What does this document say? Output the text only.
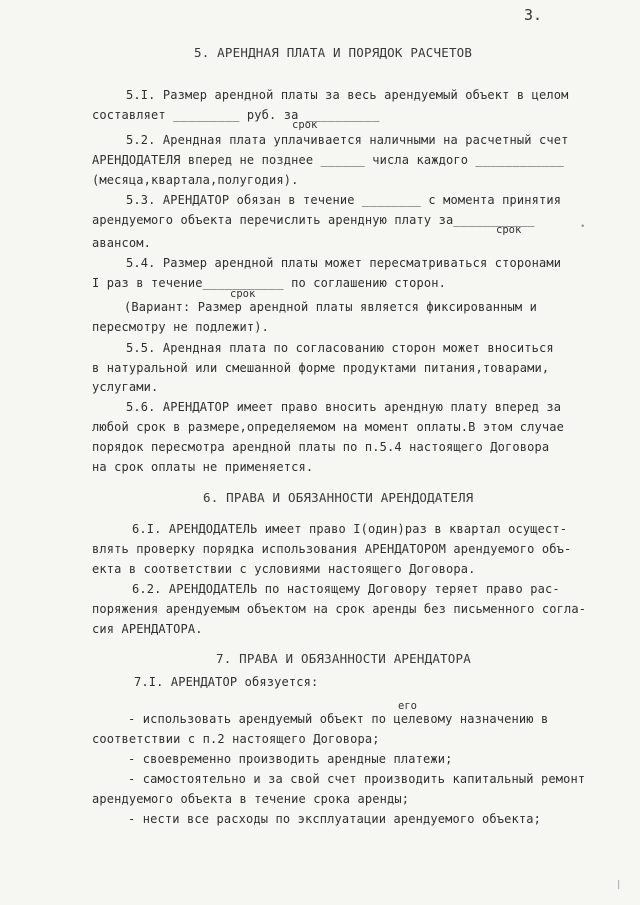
3.
5. АРЕНДНАЯ ПЛАТА И ПОРЯДОК РАСЧЕТОВ
5.I. Размер арендной платы за весь арендуемый объект в целом
составляет _________ руб. за __________
срок
5.2. Арендная плата уплачивается наличными на расчетный счет
АРЕНДОДАТЕЛЯ вперед не позднее ______ числа каждого ____________
(месяца,квартала,полугодия).
5.3. АРЕНДАТОР обязан в течение ________ с момента принятия
арендуемого объекта перечислить арендную плату за___________
срок	•
авансом.
5.4. Размер арендной платы может пересматриваться сторонами
I раз в течение___________ по соглашению сторон.
срок
(Вариант: Размер арендной платы является фиксированным и
пересмотру не подлежит).
5.5. Арендная плата по согласованию сторон может вноситься
в натуральной или смешанной форме продуктами питания,товарами,
услугами.
5.6. АРЕНДАТОР имеет право вносить арендную плату вперед за
любой срок в размере,определяемом на момент оплаты.В этом случае
порядок пересмотра арендной платы по п.5.4 настоящего Договора
на срок оплаты не применяется.
6. ПРАВА И ОБЯЗАННОСТИ АРЕНДОДАТЕЛЯ
6.I. АРЕНДОДАТЕЛЬ имеет право I(один)раз в квартал осущест-
влять проверку порядка использования АРЕНДАТОРОМ арендуемого объ-
екта в соответствии с условиями настоящего Договора.
6.2. АРЕНДОДАТЕЛЬ по настоящему Договору теряет право рас-
поряжения арендуемым объектом на срок аренды без письменного согла-
сия АРЕНДАТОРА.
7. ПРАВА И ОБЯЗАННОСТИ АРЕНДАТОРА
7.I. АРЕНДАТОР обязуется:
его
- использовать арендуемый объект по целевому назначению в
соответствии с п.2 настоящего Договора;
- своевременно производить арендные платежи;
- самостоятельно и за свой счет производить капитальный ремонт
арендуемого объекта в течение срока аренды;
- нести все расходы по эксплуатации арендуемого объекта;
|
